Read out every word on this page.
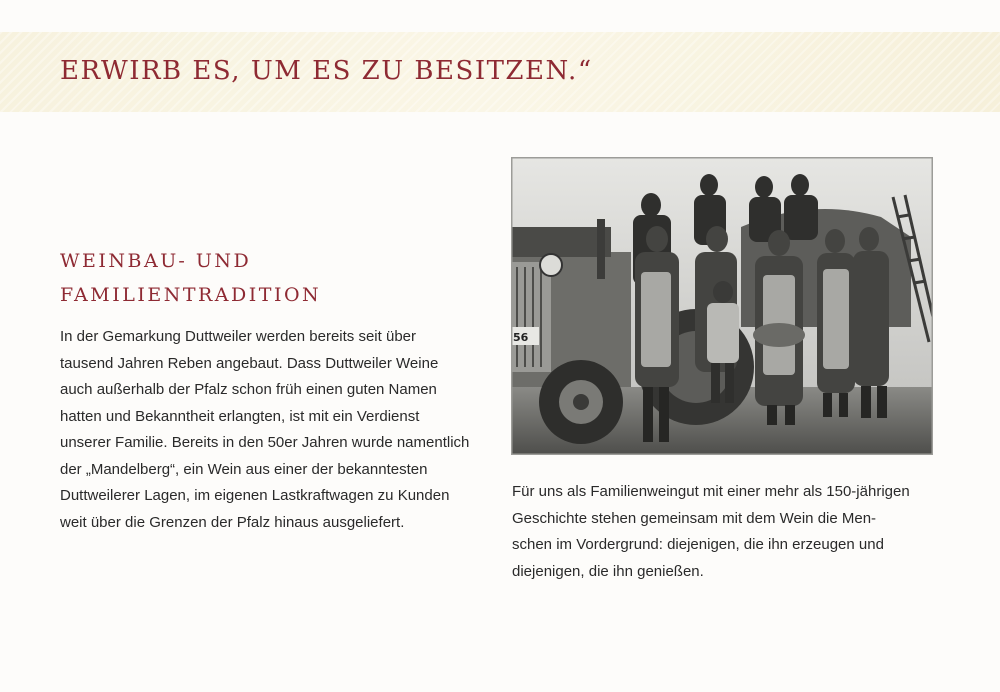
ERWIRB ES, UM ES ZU BESITZEN.“
WEINBAU- UND
FAMILIENTRADITION

In der Gemarkung Duttweiler werden bereits seit über
tausend Jahren Reben angebaut. Dass Duttweiler Weine
auch außerhalb der Pfalz schon früh einen guten Namen
hatten und Bekanntheit erlangten, ist mit ein Verdienst
unserer Familie. Bereits in den 50er Jahren wurde namentlich
der „Mandelberg“, ein Wein aus einer der bekanntesten
Duttweilerer Lagen, im eigenen Lastkraftwagen zu Kunden
weit über die Grenzen der Pfalz hinaus ausgeliefert.

56

Für uns als Familienweingut mit einer mehr als 150-jährigen
Geschichte stehen gemeinsam mit dem Wein die Men-
schen im Vordergrund: diejenigen, die ihn erzeugen und
diejenigen, die ihn genießen.
